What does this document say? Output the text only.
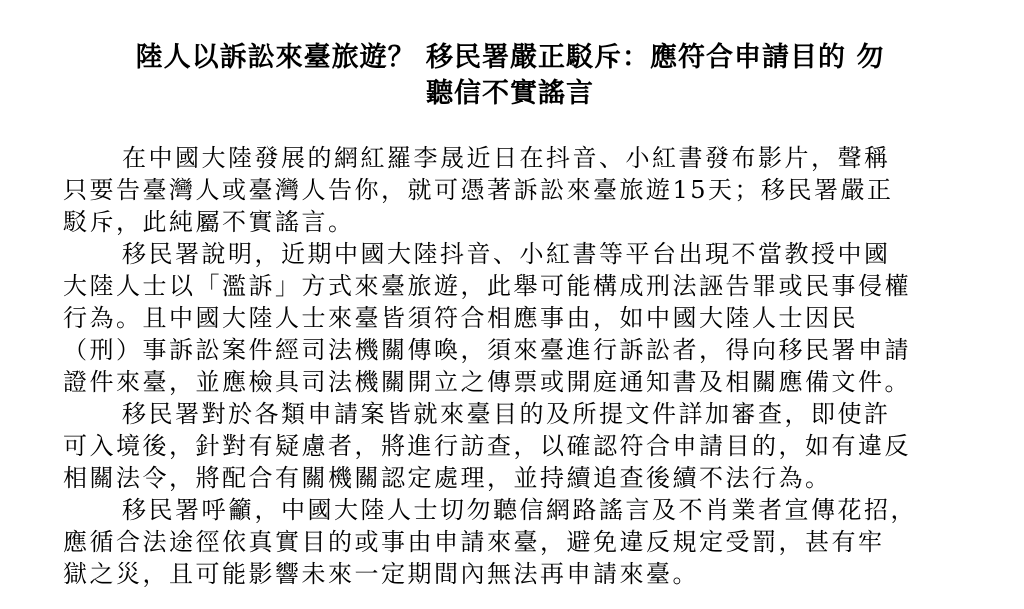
陸人以訴訟來臺旅遊？ 移民署嚴正駁斥：應符合申請目的 勿
聽信不實謠言
在中國大陸發展的網紅羅李晟近日在抖音、小紅書發布影片，聲稱
只要告臺灣人或臺灣人告你，就可憑著訴訟來臺旅遊15天；移民署嚴正
駁斥，此純屬不實謠言。
移民署說明，近期中國大陸抖音、小紅書等平台出現不當教授中國
大陸人士以「濫訴」方式來臺旅遊，此舉可能構成刑法誣告罪或民事侵權
行為。且中國大陸人士來臺皆須符合相應事由，如中國大陸人士因民
（刑）事訴訟案件經司法機關傳喚，須來臺進行訴訟者，得向移民署申請
證件來臺，並應檢具司法機關開立之傳票或開庭通知書及相關應備文件。
移民署對於各類申請案皆就來臺目的及所提文件詳加審查，即使許
可入境後，針對有疑慮者，將進行訪查，以確認符合申請目的，如有違反
相關法令，將配合有關機關認定處理，並持續追查後續不法行為。
移民署呼籲，中國大陸人士切勿聽信網路謠言及不肖業者宣傳花招，
應循合法途徑依真實目的或事由申請來臺，避免違反規定受罰，甚有牢
獄之災，且可能影響未來一定期間內無法再申請來臺。
